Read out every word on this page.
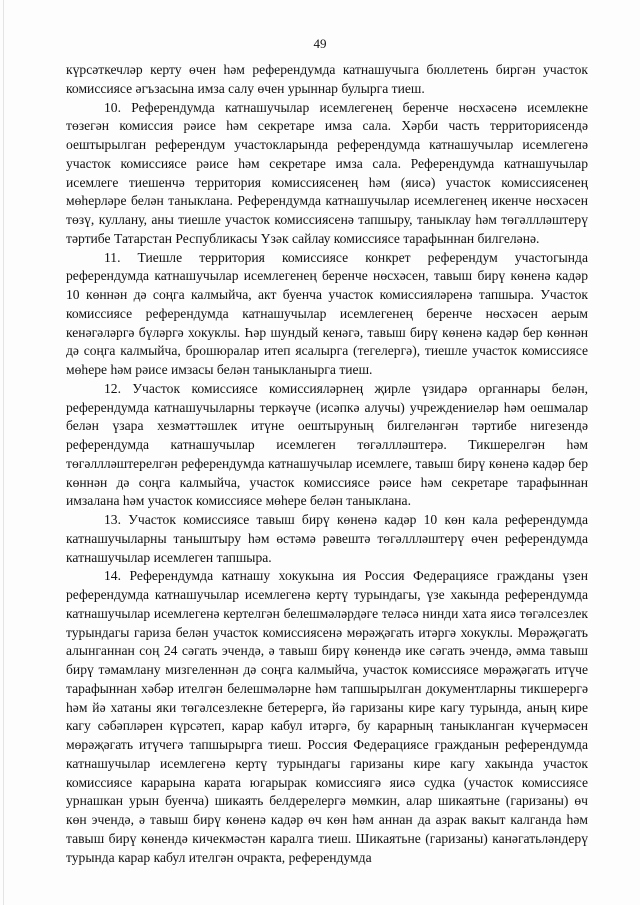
49

күрсәткечләр керту өчен һәм референдумда катнашучыга бюллетень биргән участок комиссиясе әгъзасына имза салу өчен урыннар булырга тиеш.

10. Референдумда катнашучылар исемлегенең беренче нөсхәсенә исемлекне төзегән комиссия рәисе һәм секретаре имза сала. Хәрби часть территориясендә оештырылган референдум участокларында референдумда катнашучылар исемлегенә участок комиссиясе рәисе һәм секретаре имза сала. Референдумда катнашучылар исемлеге тиешенчә территория комиссиясенең һәм (яисә) участок комиссиясенең мөһерләре белән таныклана. Референдумда катнашучылар исемлегенең икенче нөсхәсен төзү, куллану, аны тиешле участок комиссиясенә тапшыру, таныклау һәм төгәллләштерү тәртибе Татарстан Республикасы Үзәк сайлау комиссиясе тарафыннан билгеләнә.

11. Тиешле территория комиссиясе конкрет референдум участогында референдумда катнашучылар исемлегенең беренче нөсхәсен, тавыш бирү көненә кадәр 10 көннән дә соңга калмыйча, акт буенча участок комиссияләренә тапшыра. Участок комиссиясе референдумда катнашучылар исемлегенең беренче нөсхәсен аерым кенәгәләргә бүләргә хокуклы. Һәр шундый кенәгә, тавыш бирү көненә кадәр бер көннән дә соңга калмыйча, брошюралар итеп ясалырга (тегелергә), тиешле участок комиссиясе мөһере һәм рәисе имзасы белән таныкланырга тиеш.

12. Участок комиссиясе комиссияләрнең җирле үзидарә органнары белән, референдумда катнашучыларны теркәүче (исәпкә алучы) учреждениеләр һәм оешмалар белән үзара хезмәттәшлек итүне оештыруның билгеләнгән тәртибе нигезендә референдумда катнашучылар исемлеген төгәллләштерә. Тикшерелгән һәм төгәллләштерелгән референдумда катнашучылар исемлеге, тавыш бирү көненә кадәр бер көннән дә соңга калмыйча, участок комиссиясе рәисе һәм секретаре тарафыннан имзалана һәм участок комиссиясе мөһере белән таныклана.

13. Участок комиссиясе тавыш бирү көненә кадәр 10 көн кала референдумда катнашучыларны таныштыру һәм өстәмә рәвештә төгәллләштерү өчен референдумда катнашучылар исемлеген тапшыра.

14. Референдумда катнашу хокукына ия Россия Федерациясе гражданы үзен референдумда катнашучылар исемлегенә кертү турындагы, үзе хакында референдумда катнашучылар исемлегенә кертелгән белешмәләрдәге теләсә нинди хата яисә төгәлсезлек турындагы гариза белән участок комиссиясенә мөрәҗәгать итәргә хокуклы. Мөрәҗәгать алынганнан соң 24 сәгать эчендә, ә тавыш бирү көнендә ике сәгать эчендә, әмма тавыш бирү тәмамлану мизгеленнән дә соңга калмыйча, участок комиссиясе мөрәҗәгать итүче тарафыннан хәбәр ителгән белешмәләрне һәм тапшырылган документларны тикшерергә һәм йә хатаны яки төгәлсезлекне бетерергә, йә гаризаны кире кагу турында, аның кире кагу сәбәпләрен күрсәтеп, карар кабул итәргә, бу карарның таныкланган күчермәсен мөрәҗәгать итүчегә тапшырырга тиеш. Россия Федерациясе гражданын референдумда катнашучылар исемлегенә кертү турындагы гаризаны кире кагу хакында участок комиссиясе карарына карата югарырак комиссиягә яисә судка (участок комиссиясе урнашкан урын буенча) шикаять белдерелергә мөмкин, алар шикаятьне (гаризаны) өч көн эчендә, ә тавыш бирү көненә кадәр өч көн һәм аннан да азрак вакыт калганда һәм тавыш бирү көнендә кичекмәстән каралга тиеш. Шикаятьне (гаризаны) канәгатьләндерү турында карар кабул ителгән очракта, референдумда
